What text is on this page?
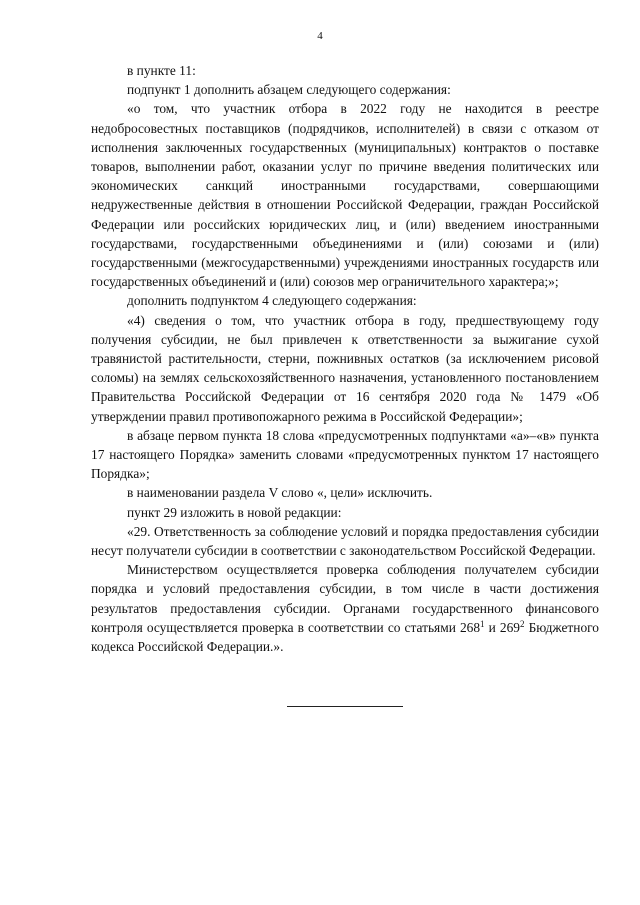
4

в пункте 11:

подпункт 1 дополнить абзацем следующего содержания:

«о том, что участник отбора в 2022 году не находится в реестре недобросовестных поставщиков (подрядчиков, исполнителей) в связи с отказом от исполнения заключенных государственных (муниципальных) контрактов о поставке товаров, выполнении работ, оказании услуг по причине введения политических или экономических санкций иностранными государствами, совершающими недружественные действия в отношении Российской Федерации, граждан Российской Федерации или российских юридических лиц, и (или) введением иностранными государствами, государственными объединениями и (или) союзами и (или) государственными (межгосударственными) учреждениями иностранных государств или государственных объединений и (или) союзов мер ограничительного характера;»;

дополнить подпунктом 4 следующего содержания:

«4) сведения о том, что участник отбора в году, предшествующему году получения субсидии, не был привлечен к ответственности за выжигание сухой травянистой растительности, стерни, пожнивных остатков (за исключением рисовой соломы) на землях сельскохозяйственного назначения, установленного постановлением Правительства Российской Федерации от 16 сентября 2020 года № 1479 «Об утверждении правил противопожарного режима в Российской Федерации»;

в абзаце первом пункта 18 слова «предусмотренных подпунктами «а»–«в» пункта 17 настоящего Порядка» заменить словами «предусмотренных пунктом 17 настоящего Порядка»;

в наименовании раздела V слово «, цели» исключить.

пункт 29 изложить в новой редакции:

«29. Ответственность за соблюдение условий и порядка предоставления субсидии несут получатели субсидии в соответствии с законодательством Российской Федерации.

Министерством осуществляется проверка соблюдения получателем субсидии порядка и условий предоставления субсидии, в том числе в части достижения результатов предоставления субсидии. Органами государственного финансового контроля осуществляется проверка в соответствии со статьями $268^1$ и $269^2$ Бюджетного кодекса Российской Федерации.».
